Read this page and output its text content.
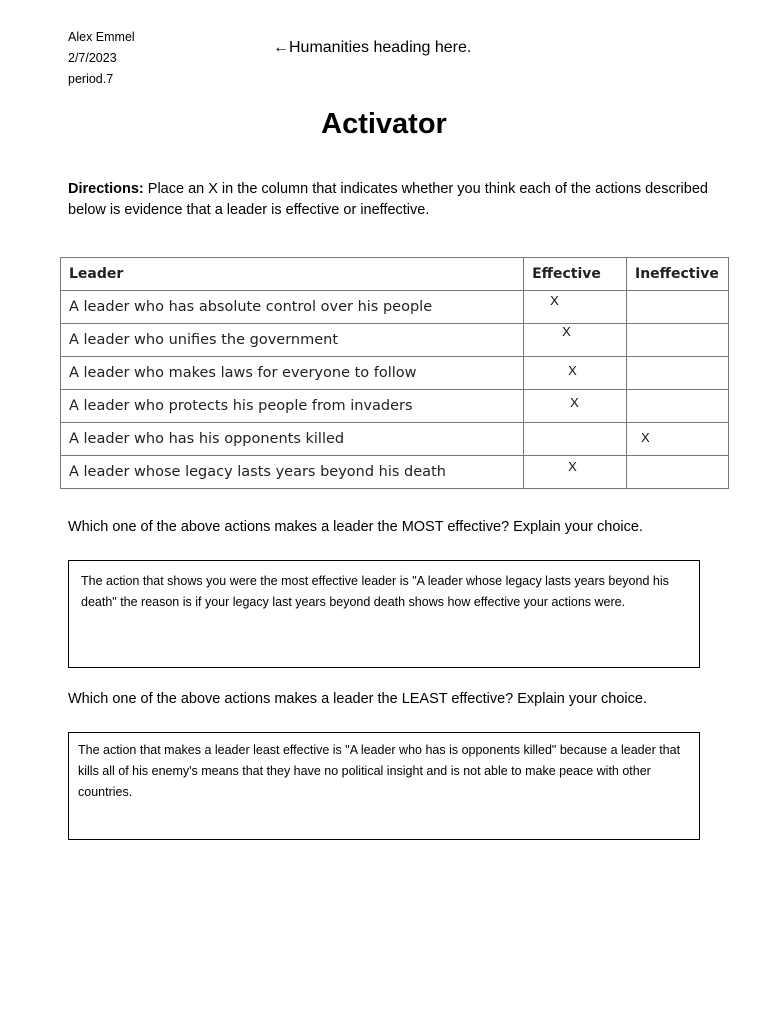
Alex Emmel
2/7/2023
period.7
←Humanities heading here.
Activator
Directions: Place an X in the column that indicates whether you think each of the actions described below is evidence that a leader is effective or ineffective.
Leader	Effective	Ineffective
A leader who has absolute control over his people	X	

A leader who unifies the government	X	

A leader who makes laws for everyone to follow	X	

A leader who protects his people from invaders	X	

A leader who has his opponents killed		X

A leader whose legacy lasts years beyond his death	X	

Which one of the above actions makes a leader the MOST effective? Explain your choice.
The action that shows you were the most effective leader is "A leader whose legacy lasts years beyond his death" the reason is if your legacy last years beyond death shows how effective your actions were.
Which one of the above actions makes a leader the LEAST effective? Explain your choice.
The action that makes a leader least effective is "A leader who has is opponents killed" because a leader that kills all of his enemy's means that they have no political insight and is not able to make peace with other countries.
